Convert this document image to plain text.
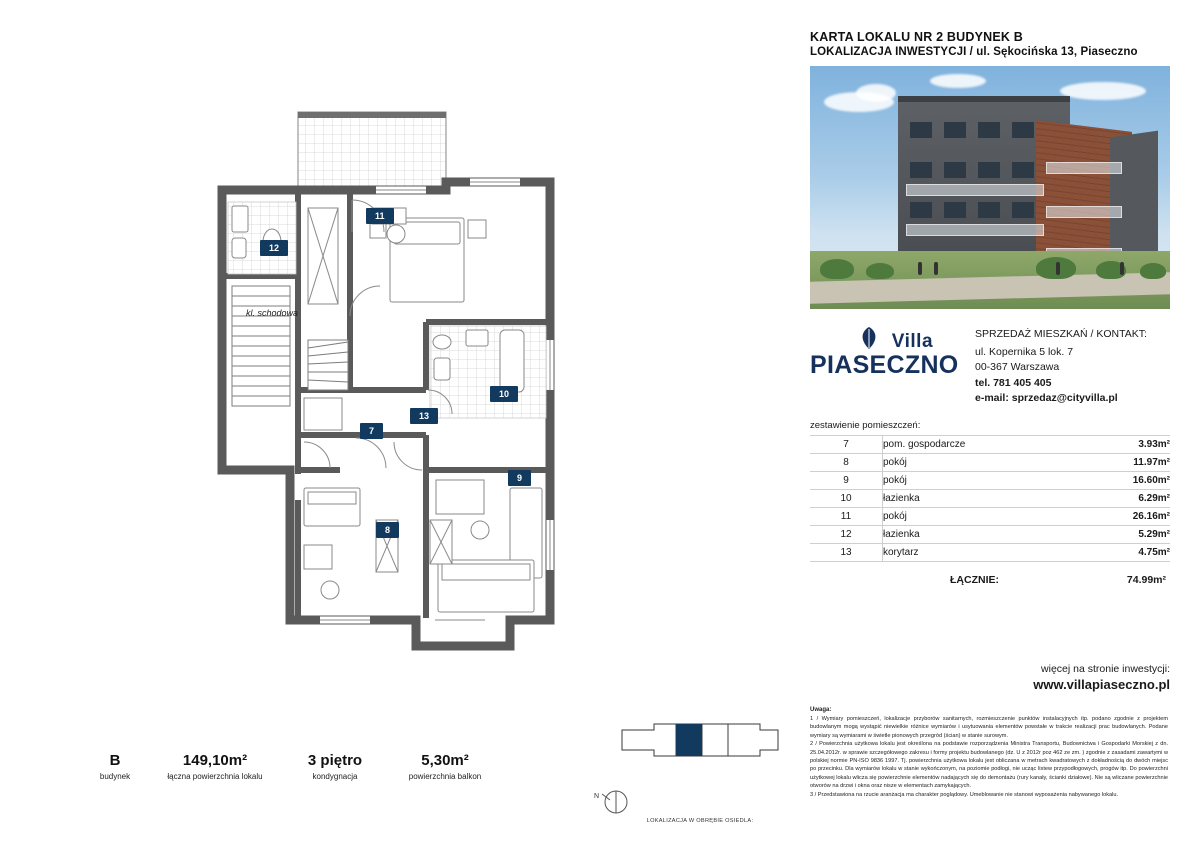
kl. schodowa
11
12
10
13
7
9
8
KARTA LOKALU NR 2 BUDYNEK B
LOKALIZACJA INWESTYCJI / ul. Sękocińska 13, Piaseczno
Villa
PIASECZNO
SPRZEDAŻ MIESZKAŃ / KONTAKT:
ul. Kopernika 5 lok. 7
00-367 Warszawa
tel. 781 405 405
e-mail: sprzedaz@cityvilla.pl
zestawienie pomieszczeń:
7	pom. gospodarcze	3.93m²
8	pokój	11.97m²
9	pokój	16.60m²
10	łazienka	6.29m²
11	pokój	26.16m²
12	łazienka	5.29m²
13	korytarz	4.75m²
ŁĄCZNIE:	74.99m²
więcej na stronie inwestycji:
www.villapiaseczno.pl
Uwaga:
1 / Wymiary pomieszczeń, lokalizacje przyborów sanitarnych, rozmieszczenie punktów instalacyjnych itp. podano zgodnie z projektem budowlanym mogą wystąpić niewielkie różnice wymiarów i usytuowania elementów powstałe w trakcie realizacji prac budowlanych. Podane wymiary są wymiarami w świetle pionowych przegród (ścian) w stanie surowym.
2 / Powierzchnia użytkowa lokalu jest określona na podstawie rozporządzenia Ministra Transportu, Budownictwa i Gospodarki Morskiej z dn. 25.04.2012r. w sprawie szczegółowego zakresu i formy projektu budowlanego (dz. U z 2012r poz 462 ze zm. ) zgodnie z zasadami zawartymi w polskiej normie PN-ISO 9836 1997. Tj. powierzchnia użytkowa lokalu jest obliczana w metrach kwadratowych z dokładnością do dwóch miejsc po przecinku. Dla wymiarów lokalu w stanie wykończonym, na poziomie podłogi, nie ucząc listew przypodłogowych, progów itp. Do powierzchni użytkowej lokalu wlicza się powierzchnie elementów nadających się do demontażu (rury kanały, ścianki działowe). Nie są wliczane powierzchnie otworów na drzwi i okna oraz nisze w elementach zamykających.
3 / Przedstawiona na rzucie aranżacja ma charakter poglądowy. Umeblowanie nie stanowi wyposażenia nabywanego lokalu.
B
budynek
149,10m²
łączna powierzchnia lokalu
3 piętro
kondygnacja
5,30m²
powierzchnia balkon
LOKALIZACJA W OBRĘBIE OSIEDLA:
N
